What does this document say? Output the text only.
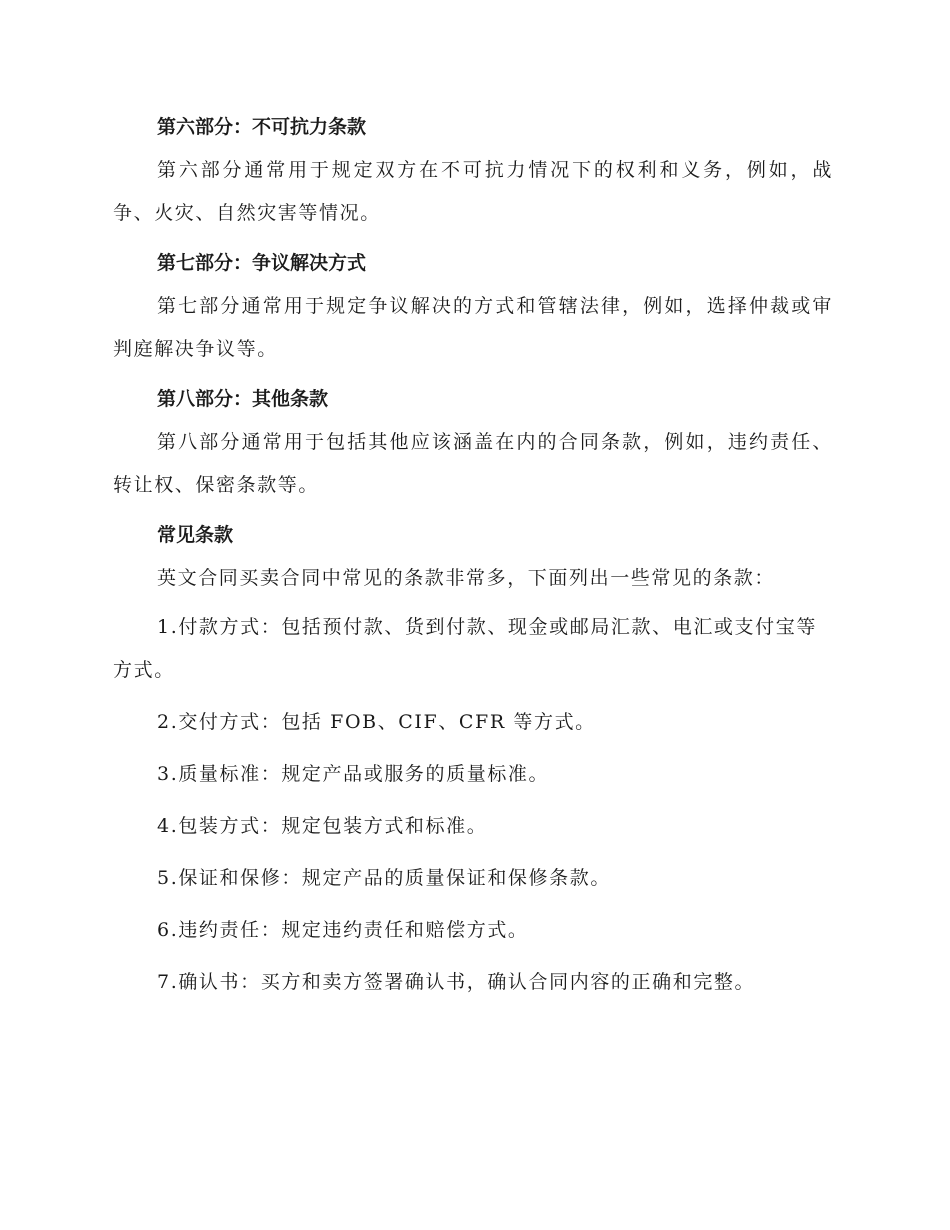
第六部分：不可抗力条款

第六部分通常用于规定双方在不可抗力情况下的权利和义务，例如，战争、火灾、自然灾害等情况。

第七部分：争议解决方式

第七部分通常用于规定争议解决的方式和管辖法律，例如，选择仲裁或审判庭解决争议等。

第八部分：其他条款

第八部分通常用于包括其他应该涵盖在内的合同条款，例如，违约责任、转让权、保密条款等。

常见条款

英文合同买卖合同中常见的条款非常多，下面列出一些常见的条款：

1.付款方式：包括预付款、货到付款、现金或邮局汇款、电汇或支付宝等方式。

2.交付方式：包括 FOB、CIF、CFR 等方式。

3.质量标准：规定产品或服务的质量标准。

4.包装方式：规定包装方式和标准。

5.保证和保修：规定产品的质量保证和保修条款。

6.违约责任：规定违约责任和赔偿方式。

7.确认书：买方和卖方签署确认书，确认合同内容的正确和完整。
